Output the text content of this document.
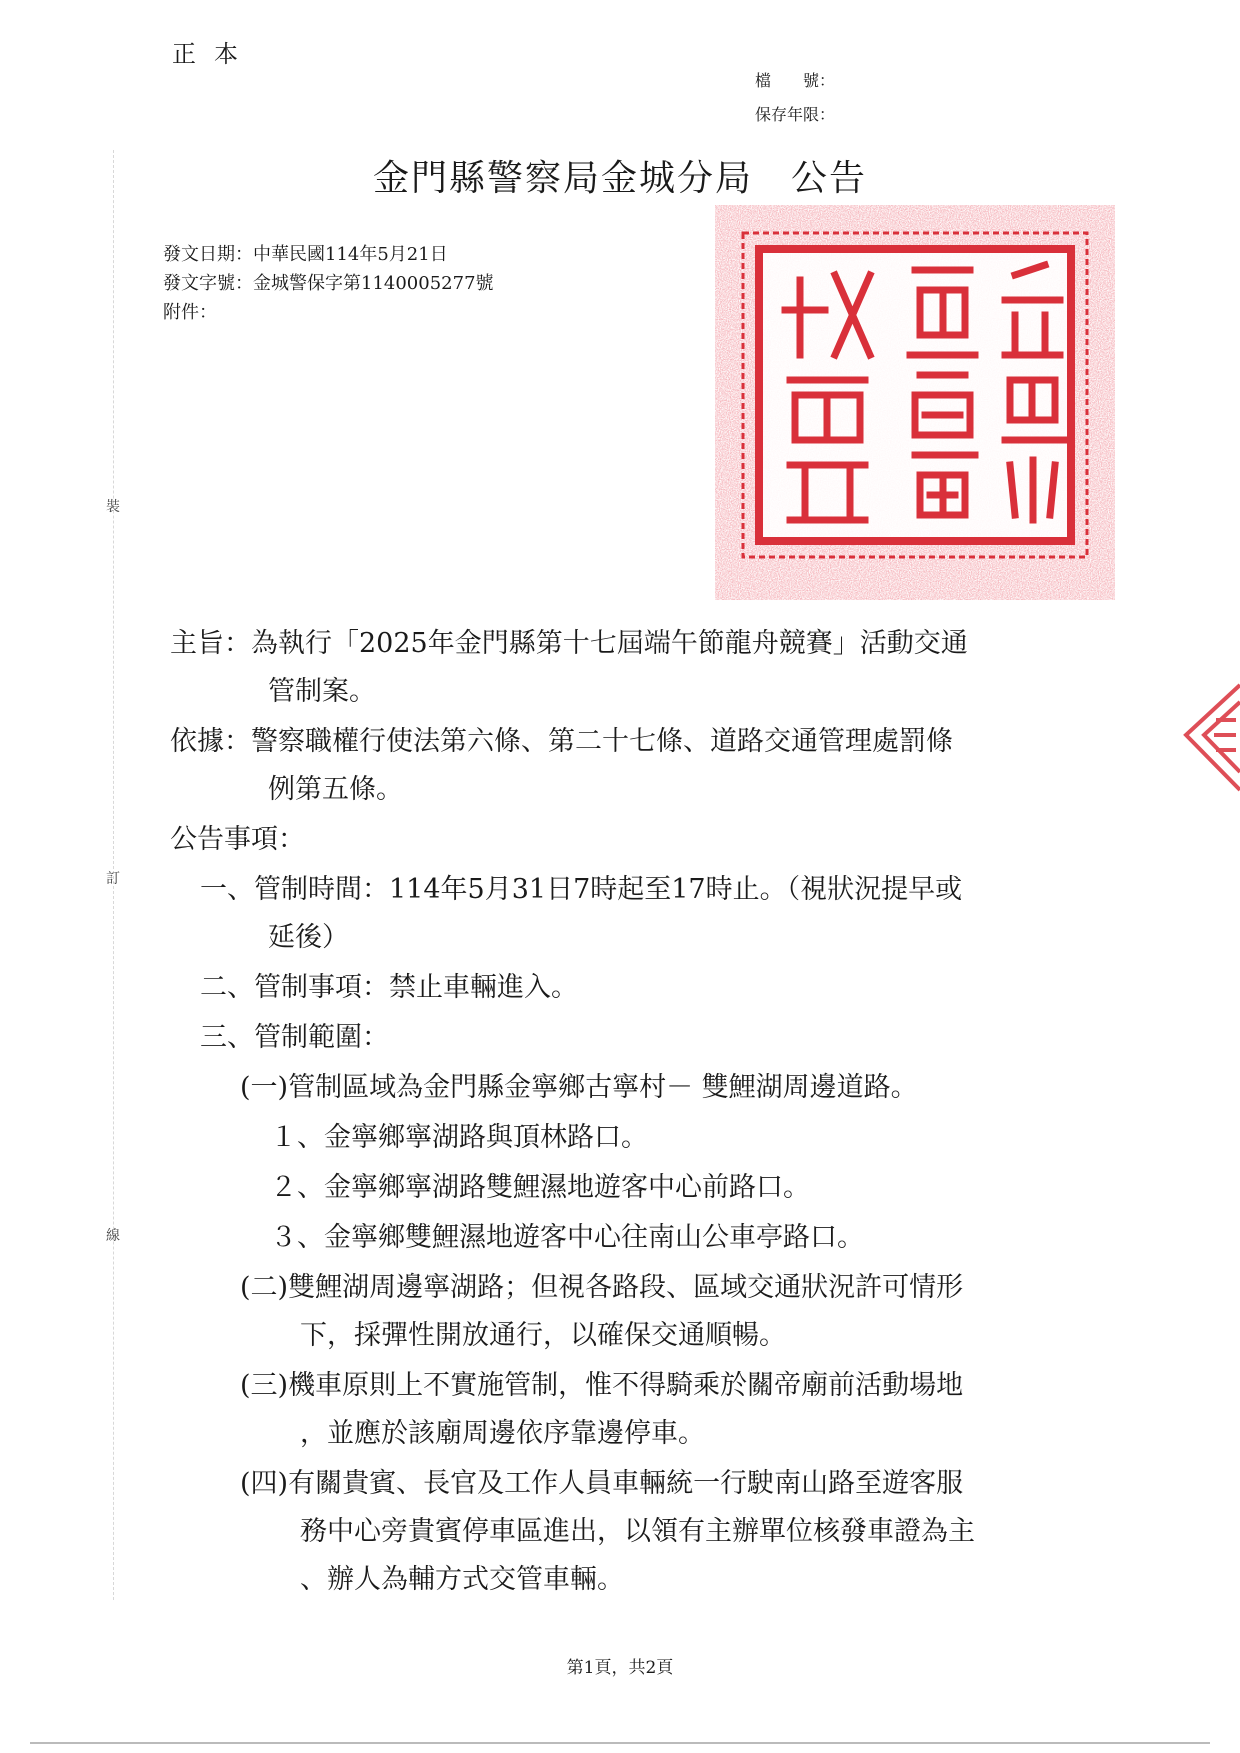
正本
檔　　號：
保存年限：
金門縣警察局金城分局　公告
發文日期：中華民國114年5月21日
發文字號：金城警保字第1140005277號
附件：
裝
訂
線
主旨：為執行「2025年金門縣第十七屆端午節龍舟競賽」活動交通
管制案。
依據：警察職權行使法第六條、第二十七條、道路交通管理處罰條
例第五條。
公告事項：
一、管制時間：114年5月31日7時起至17時止。（視狀況提早或
延後）
二、管制事項：禁止車輛進入。
三、管制範圍：
(一)管制區域為金門縣金寧鄉古寧村－ 雙鯉湖周邊道路。
１、金寧鄉寧湖路與頂林路口。
２、金寧鄉寧湖路雙鯉濕地遊客中心前路口。
３、金寧鄉雙鯉濕地遊客中心往南山公車亭路口。
(二)雙鯉湖周邊寧湖路；但視各路段、區域交通狀況許可情形
下，採彈性開放通行，以確保交通順暢。
(三)機車原則上不實施管制，惟不得騎乘於關帝廟前活動場地
，並應於該廟周邊依序靠邊停車。
(四)有關貴賓、長官及工作人員車輛統一行駛南山路至遊客服
務中心旁貴賓停車區進出，以領有主辦單位核發車證為主
、辦人為輔方式交管車輛。
第1頁，共2頁
